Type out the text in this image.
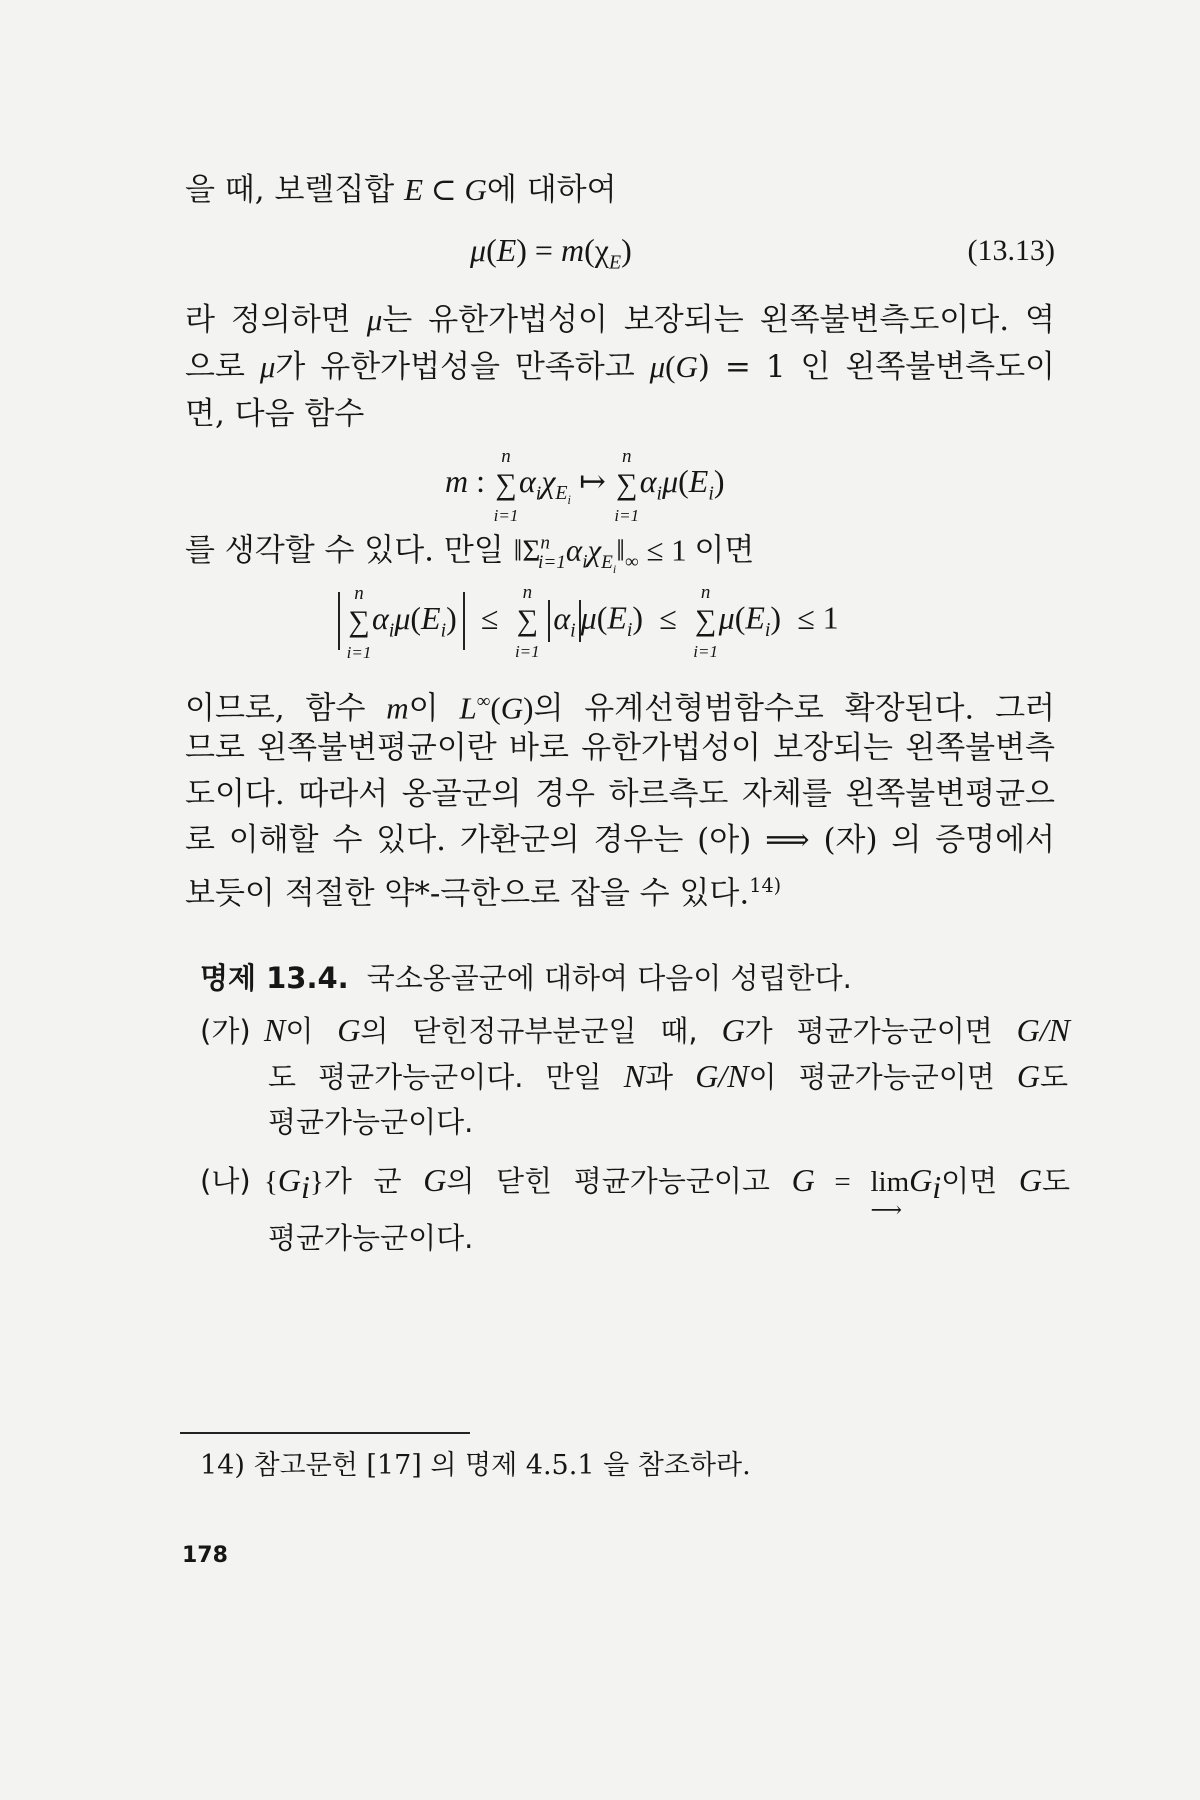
을 때, 보렐집합 E ⊂ G에 대하여
$\mu(E) = m(\chi_E)$	(13.13)
라 정의하면 μ는 유한가법성이 보장되는 왼쪽불변측도이다. 역
으로 μ가 유한가법성을 만족하고 μ(G) = 1 인 왼쪽불변측도이
면, 다음 함수
m :
n
∑
i=1
$\alpha_i\chi_{E_i}$ ↦
n
∑
i=1
$\alpha_i\mu(E_i)$
를 생각할 수 있다. 만일 $‖\Sigma^n_{i=1}\alpha_i\chi_{E_i}‖_\infty \le 1$ 이면
n
∑
i=1
$\alpha_i\mu(E_i)$ ≤
n
∑
i=1
$\alpha_i$ $\mu(E_i)$ ≤
n
∑
i=1
$\mu(E_i) \le 1$
이므로, 함수 m이 L∞(G)의 유계선형범함수로 확장된다. 그러
므로 왼쪽불변평균이란 바로 유한가법성이 보장되는 왼쪽불변측
도이다. 따라서 옹골군의 경우 하르측도 자체를 왼쪽불변평균으
로 이해할 수 있다. 가환군의 경우는 (아) ⟹ (자) 의 증명에서
보듯이 적절한 약*-극한으로 잡을 수 있다.$^{14)}$
명제 13.4. 국소옹골군에 대하여 다음이 성립한다.
(가) N이 G의 닫힌정규부분군일 때, G가 평균가능군이면 G/N
도 평균가능군이다. 만일 N과 G/N이 평균가능군이면 G도
평균가능군이다.
(나) $\{G_i\}$가 군 G의 닫힌 평균가능군이고 G = lim
⟶
$G_i$이면 G도
평균가능군이다.
14) 참고문헌 [17] 의 명제 4.5.1 을 참조하라.
178
